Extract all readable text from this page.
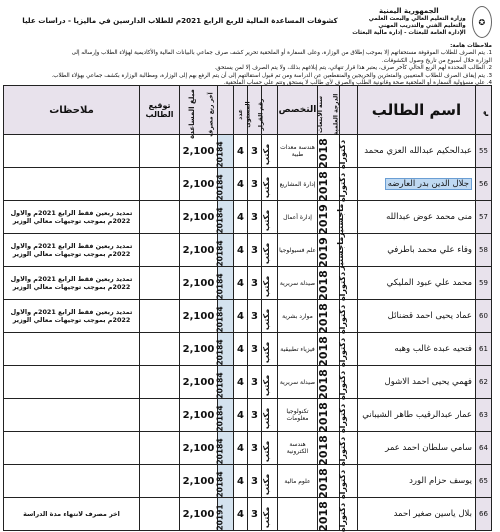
✪
الجمهورية اليمنية
وزارة التعليم العالي والبحث العلمي والتعليم الفني والتدريب المهني
الإدارة العامة للبعثات - إدارة مالية البعثات
كشوفات المساعدة المالية للربع الرابع 2021م للطلاب الدارسين في ماليزيا - دراسات عليا
ملاحظات هامة:
1. يتم الصرف للطلاب الموقوفة مستحقاتهم إلا بموجب إطلاق من الوزارة، وعلى السفارة أو الملحقية تحرير كشف صرف جماعي بالبيانات المالية والأكاديمية لهؤلاء الطلاب وإرساله إلى
الوزارة خلال أسبوع من تاريخ وصول الكشوفات.
2. الطالب المحددة لهم الربع الحالي كآخر صرف، يعتبر هذا قرار تنهائي، يتم إبلاغهم بذلك، ولا يتم الصرف إلا لمن يستحق.
3. يتم إيقاف الصرف للطلاب المتغيبين والمتعثرين والخريجين والمنقطعين عن الدراسة ومن تم قبول استقالتهم إلى أن يتم الرفع بهم إلى الوزارة، ومطالبة الوزارة بكشف جماعي بهؤلاء الطلاب.
4. على مسؤولية السفارة أو الملحقية صحة وقانونية الطلب والصرف لأي طالب لا يستحق وتتم على حساب الملحقية.
م	اسم الطالب	الدرجة العلمية	سنة الابتعاث	التخصص	رقم القرار	المستوى	عدد	آخر ربع مصرف	مبلغ المساعدة	توقيع الطالب	ملاحظات
55	عبدالحكيم عبدالله العزي محمد	دكتوراه	2018	هندسة معدات طبية	مكتب	3	4	20184	2,100		
56	جلال الدين بدر العارضه	دكتوراه	2018	إدارة المشاريع	مكتب	3	4	20184	2,100		
57	منى محمد عوض عبدالله	ماجستير	2019	إدارة أعمال	مكتب	3	4	20184	2,100		تمديد ربعين فقط الرابع 2021م والاول 2022م بموجب توجيهات معالي الوزير
58	وفاء علي محمد باطرفي	ماجستير	2019	علم فسيولوجيا	مكتب	3	4	20184	2,100		تمديد ربعين فقط الرابع 2021م والاول 2022م بموجب توجيهات معالي الوزير
59	محمد علي عبود المليكي	دكتوراه	2018	صيدلة سريرية	مكتب	3	4	20184	2,100		تمديد ربعين فقط الرابع 2021م والاول 2022م بموجب توجيهات معالي الوزير
60	عماد يحيى احمد قضنائل	دكتوراه	2018	موارد بشرية	مكتب	3	4	20184	2,100		تمديد ربعين فقط الرابع 2021م والاول 2022م بموجب توجيهات معالي الوزير
61	فتحيه عبده غالب وهبه	دكتوراه	2018	فيزياء تطبيقية	مكتب	3	4	20184	2,100		
62	فهمي يحيى احمد الاشول	دكتوراه	2018	صيدلة سريرية	مكتب	3	4	20184	2,100		
63	عمار عبدالرقيب طاهر الشيباني	دكتوراه	2018	تكنولوجيا معلومات	مكتب	3	4	20184	2,100		
64	سامي سلطان احمد عمر	دكتوراه	2018	هندسة الكترونية	مكتب	3	4	20184	2,100		
65	يوسف حزام الورد	دكتوراه	2018	علوم مالية	مكتب	3	4	20184	2,100		
66	بلال ياسين صغير احمد	دكتوراه	2018		مكتب	3	4	20191	2,100		اخر مصرف لانتهاء مدة الدراسة
